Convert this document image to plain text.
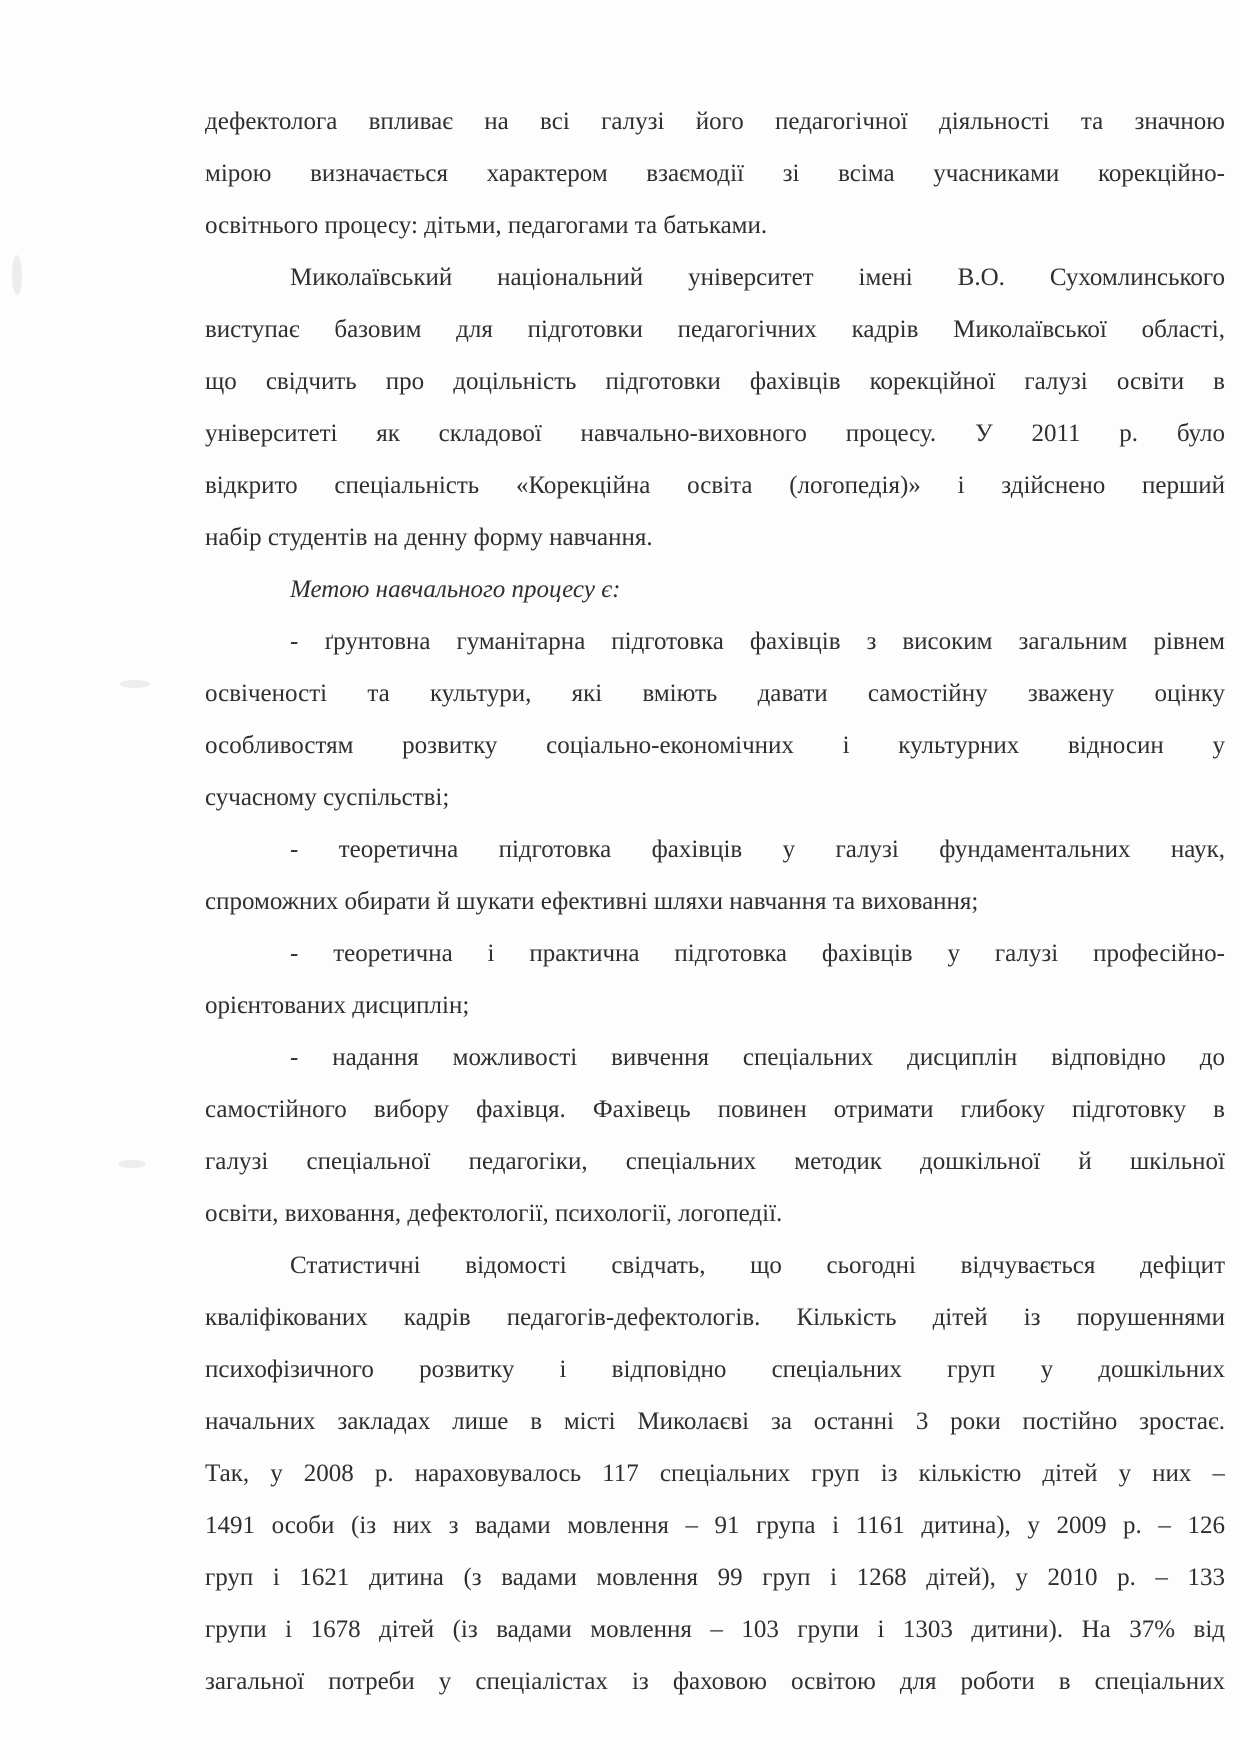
дефектолога впливає на всі галузі його педагогічної діяльності та значною
мірою визначається характером взаємодії зі всіма учасниками корекційно-
освітнього процесу: дітьми, педагогами та батьками.
Миколаївський національний університет імені В.О. Сухомлинського
виступає базовим для підготовки педагогічних кадрів Миколаївської області,
що свідчить про доцільність підготовки фахівців корекційної галузі освіти в
університеті як складової навчально-виховного процесу. У 2011 р. було
відкрито спеціальність «Корекційна освіта (логопедія)» і здійснено перший
набір студентів на денну форму навчання.
Метою навчального процесу є:
- ґрунтовна гуманітарна підготовка фахівців з високим загальним рівнем
освіченості та культури, які вміють давати самостійну зважену оцінку
особливостям розвитку соціально-економічних і культурних відносин у
сучасному суспільстві;
- теоретична підготовка фахівців у галузі фундаментальних наук,
спроможних обирати й шукати ефективні шляхи навчання та виховання;
- теоретична і практична підготовка фахівців у галузі професійно-
орієнтованих дисциплін;
- надання можливості вивчення спеціальних дисциплін відповідно до
самостійного вибору фахівця. Фахівець повинен отримати глибоку підготовку в
галузі спеціальної педагогіки, спеціальних методик дошкільної й шкільної
освіти, виховання, дефектології, психології, логопедії.
Статистичні відомості свідчать, що сьогодні відчувається дефіцит
кваліфікованих кадрів педагогів-дефектологів. Кількість дітей із порушеннями
психофізичного розвитку і відповідно спеціальних груп у дошкільних
начальних закладах лише в місті Миколаєві за останні 3 роки постійно зростає.
Так, у 2008 р. нараховувалось 117 спеціальних груп із кількістю дітей у них –
1491 особи (із них з вадами мовлення – 91 група і 1161 дитина), у 2009 р. – 126
груп і 1621 дитина (з вадами мовлення 99 груп і 1268 дітей), у 2010 р. – 133
групи і 1678 дітей (із вадами мовлення – 103 групи і 1303 дитини). На 37% від
загальної потреби у спеціалістах із фаховою освітою для роботи в спеціальних
